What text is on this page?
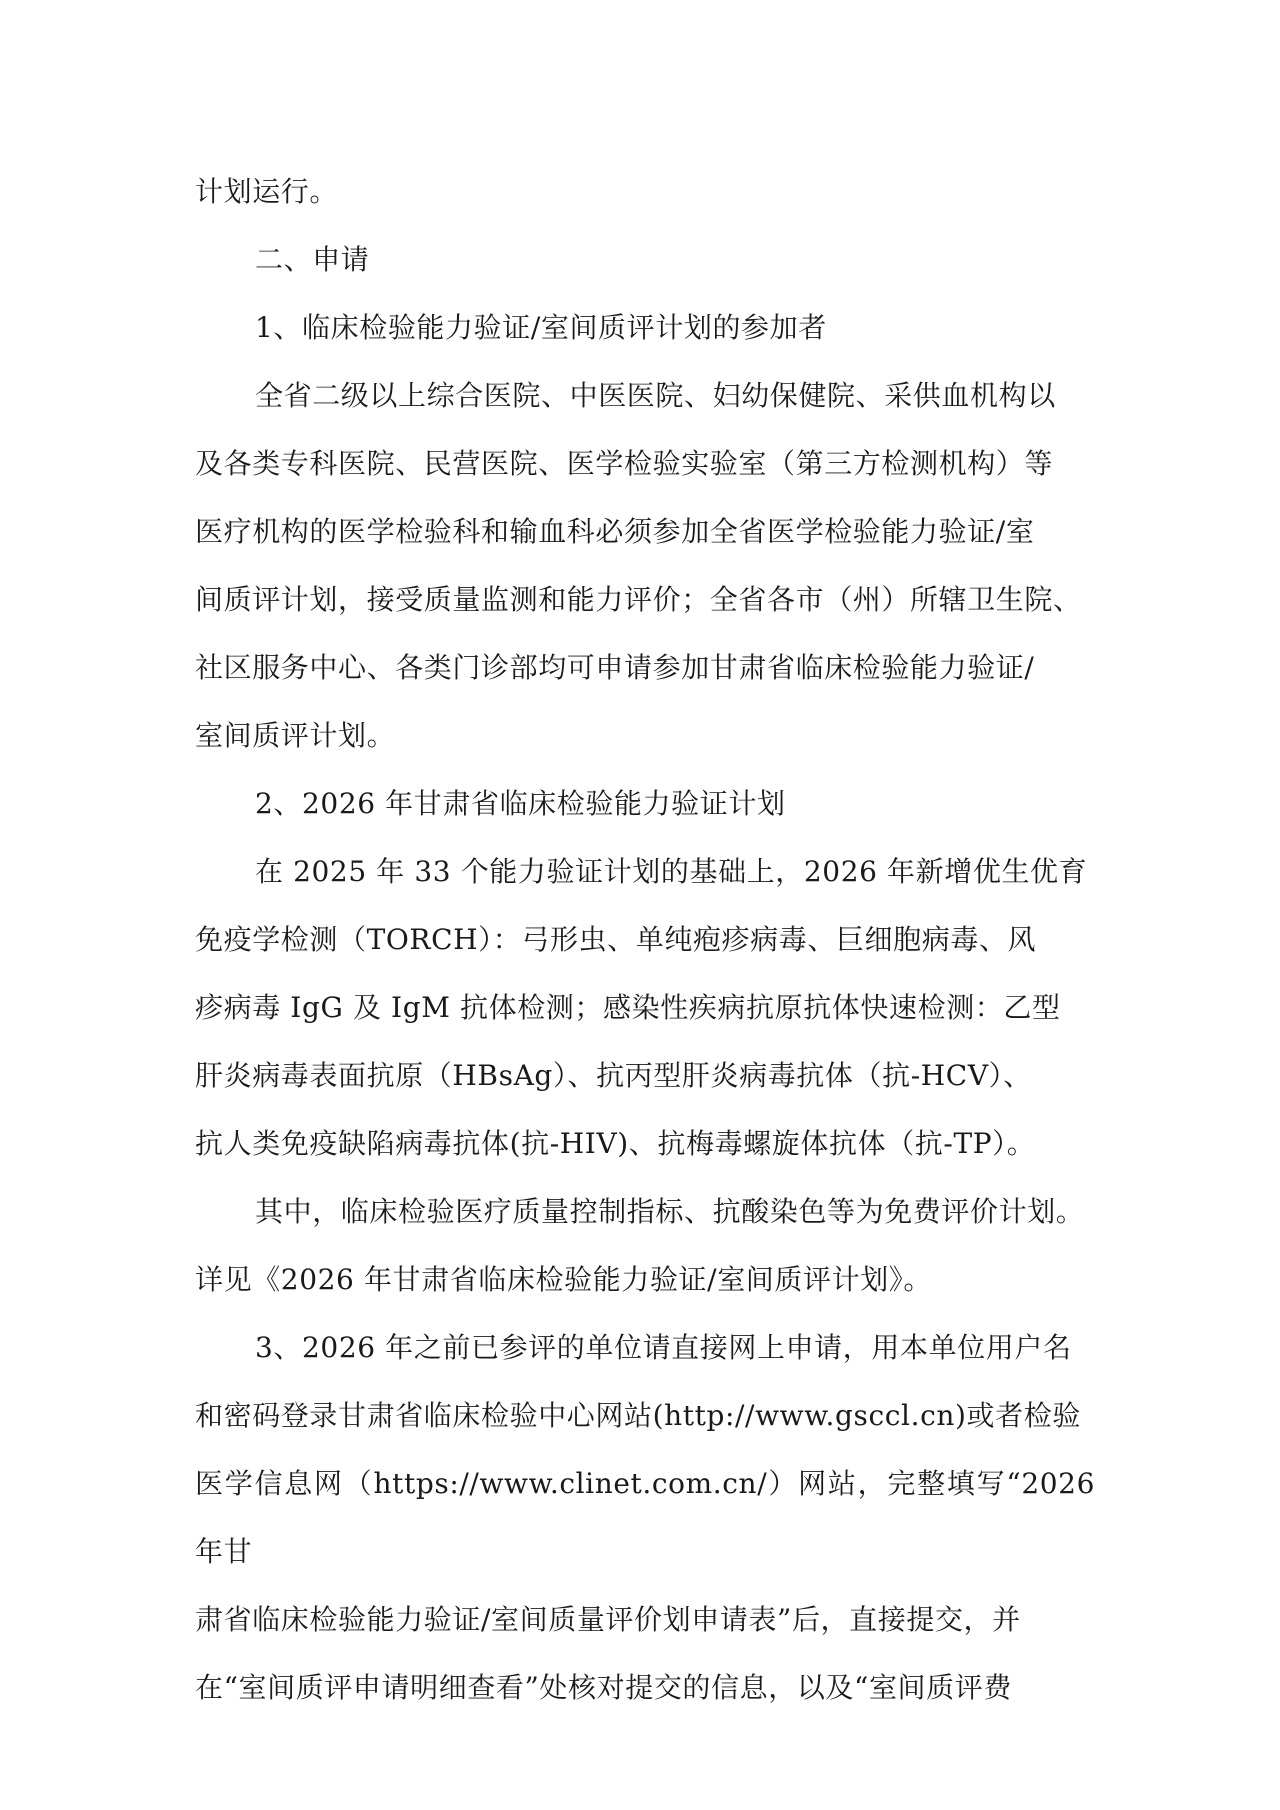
计划运行。
二、申请
1、临床检验能力验证/室间质评计划的参加者
全省二级以上综合医院、中医医院、妇幼保健院、采供血机构以
及各类专科医院、民营医院、医学检验实验室（第三方检测机构）等
医疗机构的医学检验科和输血科必须参加全省医学检验能力验证/室
间质评计划，接受质量监测和能力评价；全省各市（州）所辖卫生院、
社区服务中心、各类门诊部均可申请参加甘肃省临床检验能力验证/
室间质评计划。
2、2026 年甘肃省临床检验能力验证计划
在 2025 年 33 个能力验证计划的基础上，2026 年新增优生优育
免疫学检测（TORCH）：弓形虫、单纯疱疹病毒、巨细胞病毒、风
疹病毒 IgG 及 IgM 抗体检测；感染性疾病抗原抗体快速检测：乙型
肝炎病毒表面抗原（HBsAg）、抗丙型肝炎病毒抗体（抗-HCV）、
抗人类免疫缺陷病毒抗体(抗-HIV)、抗梅毒螺旋体抗体（抗-TP）。
其中，临床检验医疗质量控制指标、抗酸染色等为免费评价计划。
详见《2026 年甘肃省临床检验能力验证/室间质评计划》。
3、2026 年之前已参评的单位请直接网上申请，用本单位用户名
和密码登录甘肃省临床检验中心网站(http://www.gsccl.cn)或者检验
医学信息网（https://www.clinet.com.cn/）网站，完整填写“2026 年甘
肃省临床检验能力验证/室间质量评价划申请表”后，直接提交，并
在“室间质评申请明细查看”处核对提交的信息，以及“室间质评费
